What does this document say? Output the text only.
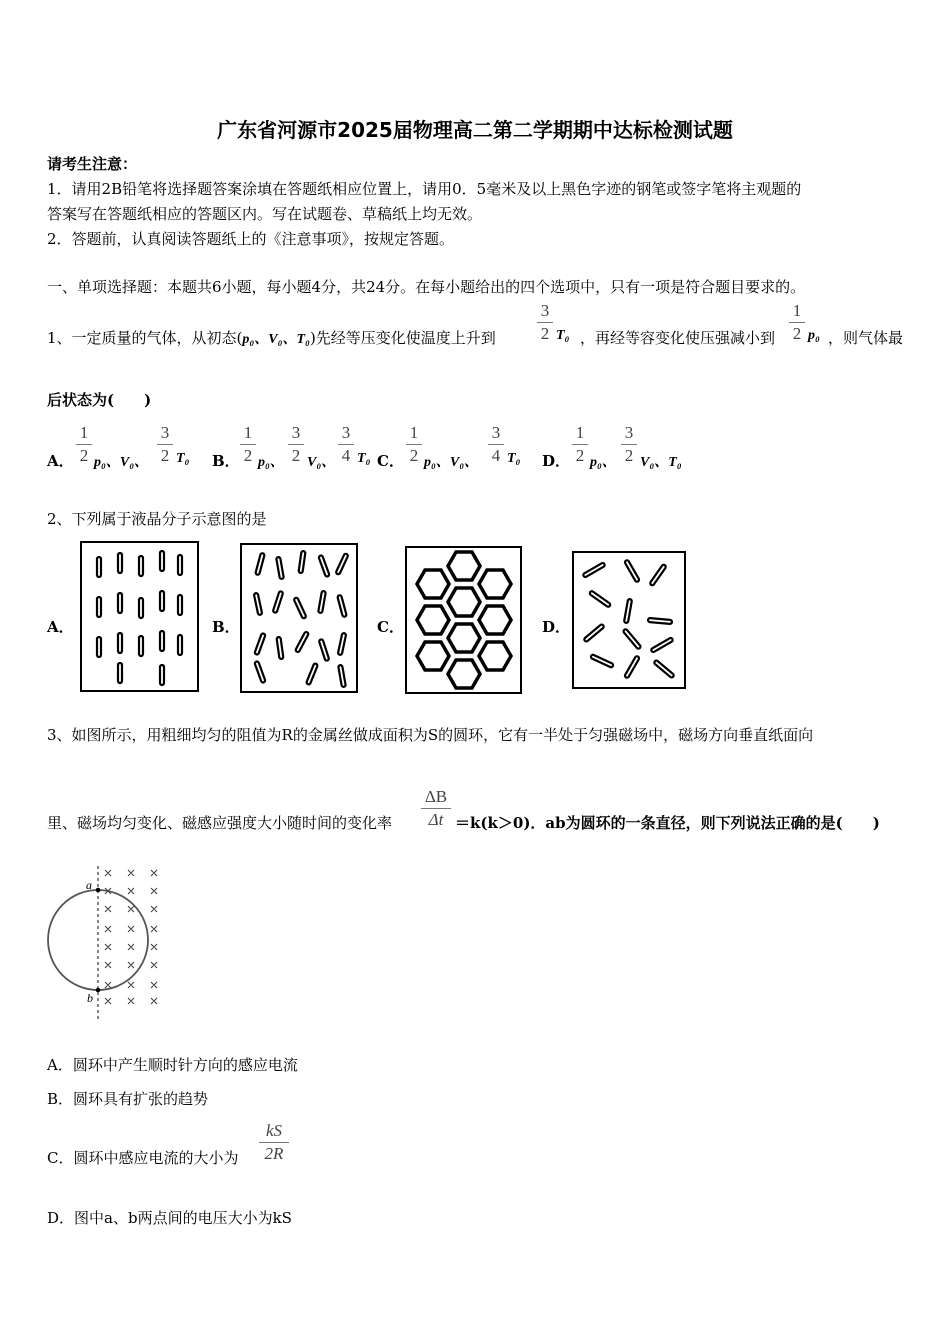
广东省河源市2025届物理高二第二学期期中达标检测试题
请考生注意：
1．请用2B铅笔将选择题答案涂填在答题纸相应位置上，请用0．5毫米及以上黑色字迹的钢笔或签字笔将主观题的
答案写在答题纸相应的答题区内。写在试题卷、草稿纸上均无效。
2．答题前，认真阅读答题纸上的《注意事项》，按规定答题。
一、单项选择题：本题共6小题，每小题4分，共24分。在每小题给出的四个选项中，只有一项是符合题目要求的。
1、一定质量的气体，从初态(p₀、V₀、T₀)先经等压变化使温度上升到
3
2 T₀ ，再经等容变化使压强减小到
1
2 p₀ ，则气体最
后状态为(　　)
A．
1
2 p₀、V₀、
3
2 T₀ B．
1
2 p₀、
3
2 V₀、
3
4 T₀ C．
1
2 p₀、V₀、
3
4 T₀ D．
1
2 p₀、
3
2 V₀、T₀
2、下列属于液晶分子示意图的是
A．	B．	C．	D．
3、如图所示，用粗细均匀的阻值为R的金属丝做成面积为S的圆环，它有一半处于匀强磁场中，磁场方向垂直纸面向
里、磁场均匀变化、磁感应强度大小随时间的变化率
ΔB
Δt ＝k(k＞0)．ab为圆环的一条直径，则下列说法正确的是(　　)
a
b
A．圆环中产生顺时针方向的感应电流
B．圆环具有扩张的趋势
C．圆环中感应电流的大小为
kS
2R
D．图中a、b两点间的电压大小为kS
